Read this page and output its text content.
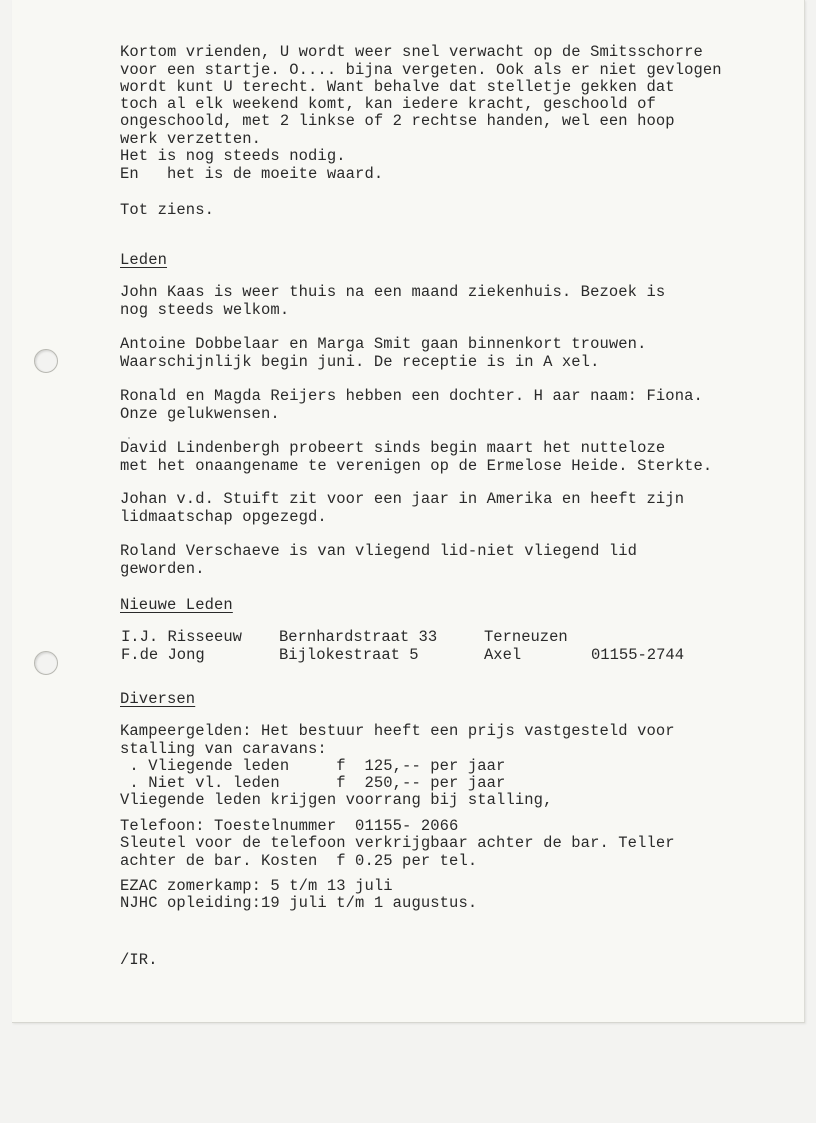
Kortom vrienden, U wordt weer snel verwacht op de Smitsschorre
voor een startje. O.... bijna vergeten. Ook als er niet gevlogen
wordt kunt U terecht. Want behalve dat stelletje gekken dat
toch al elk weekend komt, kan iedere kracht, geschoold of
ongeschoold, met 2 linkse of 2 rechtse handen, wel een hoop
werk verzetten.
Het is nog steeds nodig.
En   het is de moeite waard.
Tot ziens.
Leden
John Kaas is weer thuis na een maand ziekenhuis. Bezoek is
nog steeds welkom.
Antoine Dobbelaar en Marga Smit gaan binnenkort trouwen.
Waarschijnlijk begin juni. De receptie is in A xel.
Ronald en Magda Reijers hebben een dochter. H aar naam: Fiona.
Onze gelukwensen.
David Lindenbergh probeert sinds begin maart het nutteloze
met het onaangename te verenigen op de Ermelose Heide. Sterkte.
Johan v.d. Stuift zit voor een jaar in Amerika en heeft zijn
lidmaatschap opgezegd.
Roland Verschaeve is van vliegend lid-niet vliegend lid
geworden.
Nieuwe Leden
I.J. Risseeuw Bernhardstraat 33	Terneuzen
F.de Jong	Bijlokestraat 5	Axel	01155-2744
Diversen
Kampeergelden: Het bestuur heeft een prijs vastgesteld voor
stalling van caravans:
. Vliegende leden     f  125,-- per jaar
. Niet vl. leden      f  250,-- per jaar
Vliegende leden krijgen voorrang bij stalling,
Telefoon: Toestelnummer  01155- 2066
Sleutel voor de telefoon verkrijgbaar achter de bar. Teller
achter de bar. Kosten  f 0.25 per tel.
EZAC zomerkamp: 5 t/m 13 juli
NJHC opleiding:19 juli t/m 1 augustus.
/IR.
